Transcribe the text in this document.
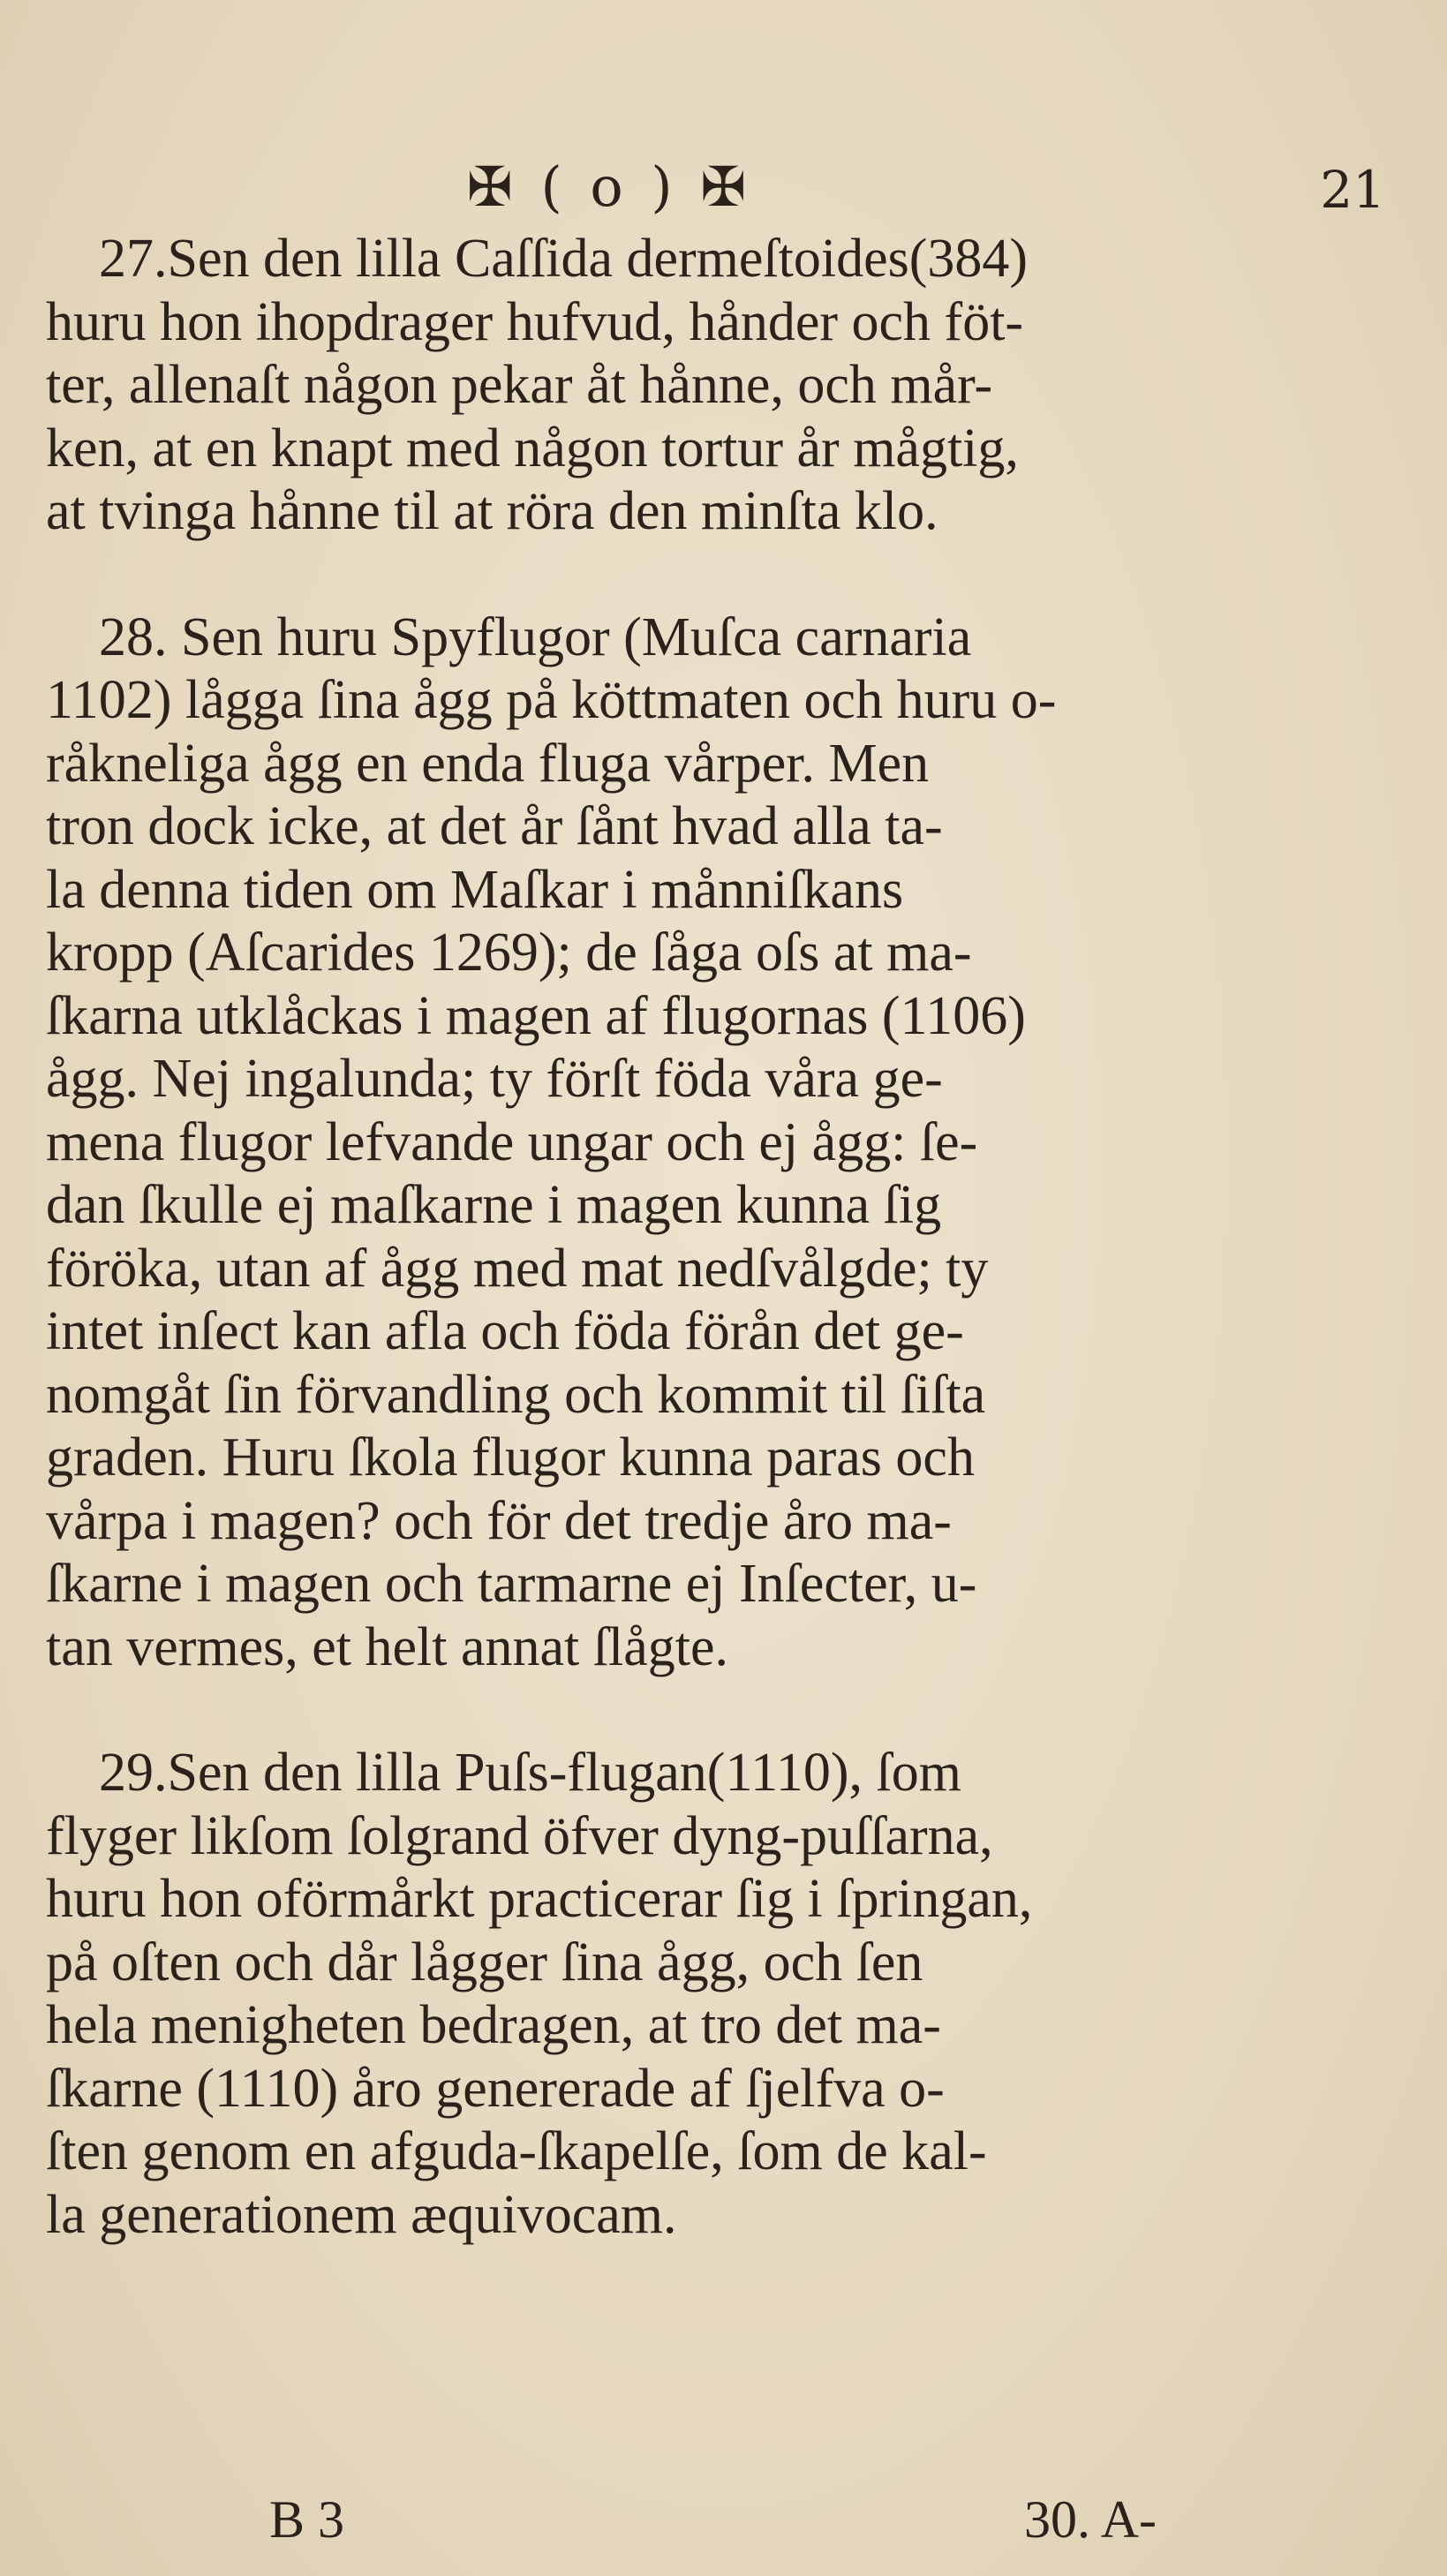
✠ ( o ) ✠	21
27.Sen den lilla Caſſida dermeſtoides(384)
huru hon ihopdrager hufvud, hånder och föt-
ter, allenaſt någon pekar åt hånne, och mår-
ken, at en knapt med någon tortur år mågtig,
at tvinga hånne til at röra den minſta klo.
28. Sen huru Spyflugor (Muſca carnaria
1102) lågga ſina ågg på köttmaten och huru o-
råkneliga ågg en enda fluga vårper. Men
tron dock icke, at det år ſånt hvad alla ta-
la denna tiden om Maſkar i månniſkans
kropp (Aſcarides 1269); de ſåga oſs at ma-
ſkarna utklåckas i magen af flugornas (1106)
ågg. Nej ingalunda; ty förſt föda våra ge-
mena flugor lefvande ungar och ej ågg: ſe-
dan ſkulle ej maſkarne i magen kunna ſig
föröka, utan af ågg med mat nedſvålgde; ty
intet inſect kan afla och föda förån det ge-
nomgåt ſin förvandling och kommit til ſiſta
graden. Huru ſkola flugor kunna paras och
vårpa i magen? och för det tredje åro ma-
ſkarne i magen och tarmarne ej Inſecter, u-
tan vermes, et helt annat ſlågte.
29.Sen den lilla Puſs-flugan(1110), ſom
flyger likſom ſolgrand öfver dyng-puſſarna,
huru hon oförmårkt practicerar ſig i ſpringan,
på oſten och dår lågger ſina ågg, och ſen
hela menigheten bedragen, at tro det ma-
ſkarne (1110) åro genererade af ſjelfva o-
ſten genom en afguda-ſkapelſe, ſom de kal-
la generationem æquivocam.
B 3	30. A-
